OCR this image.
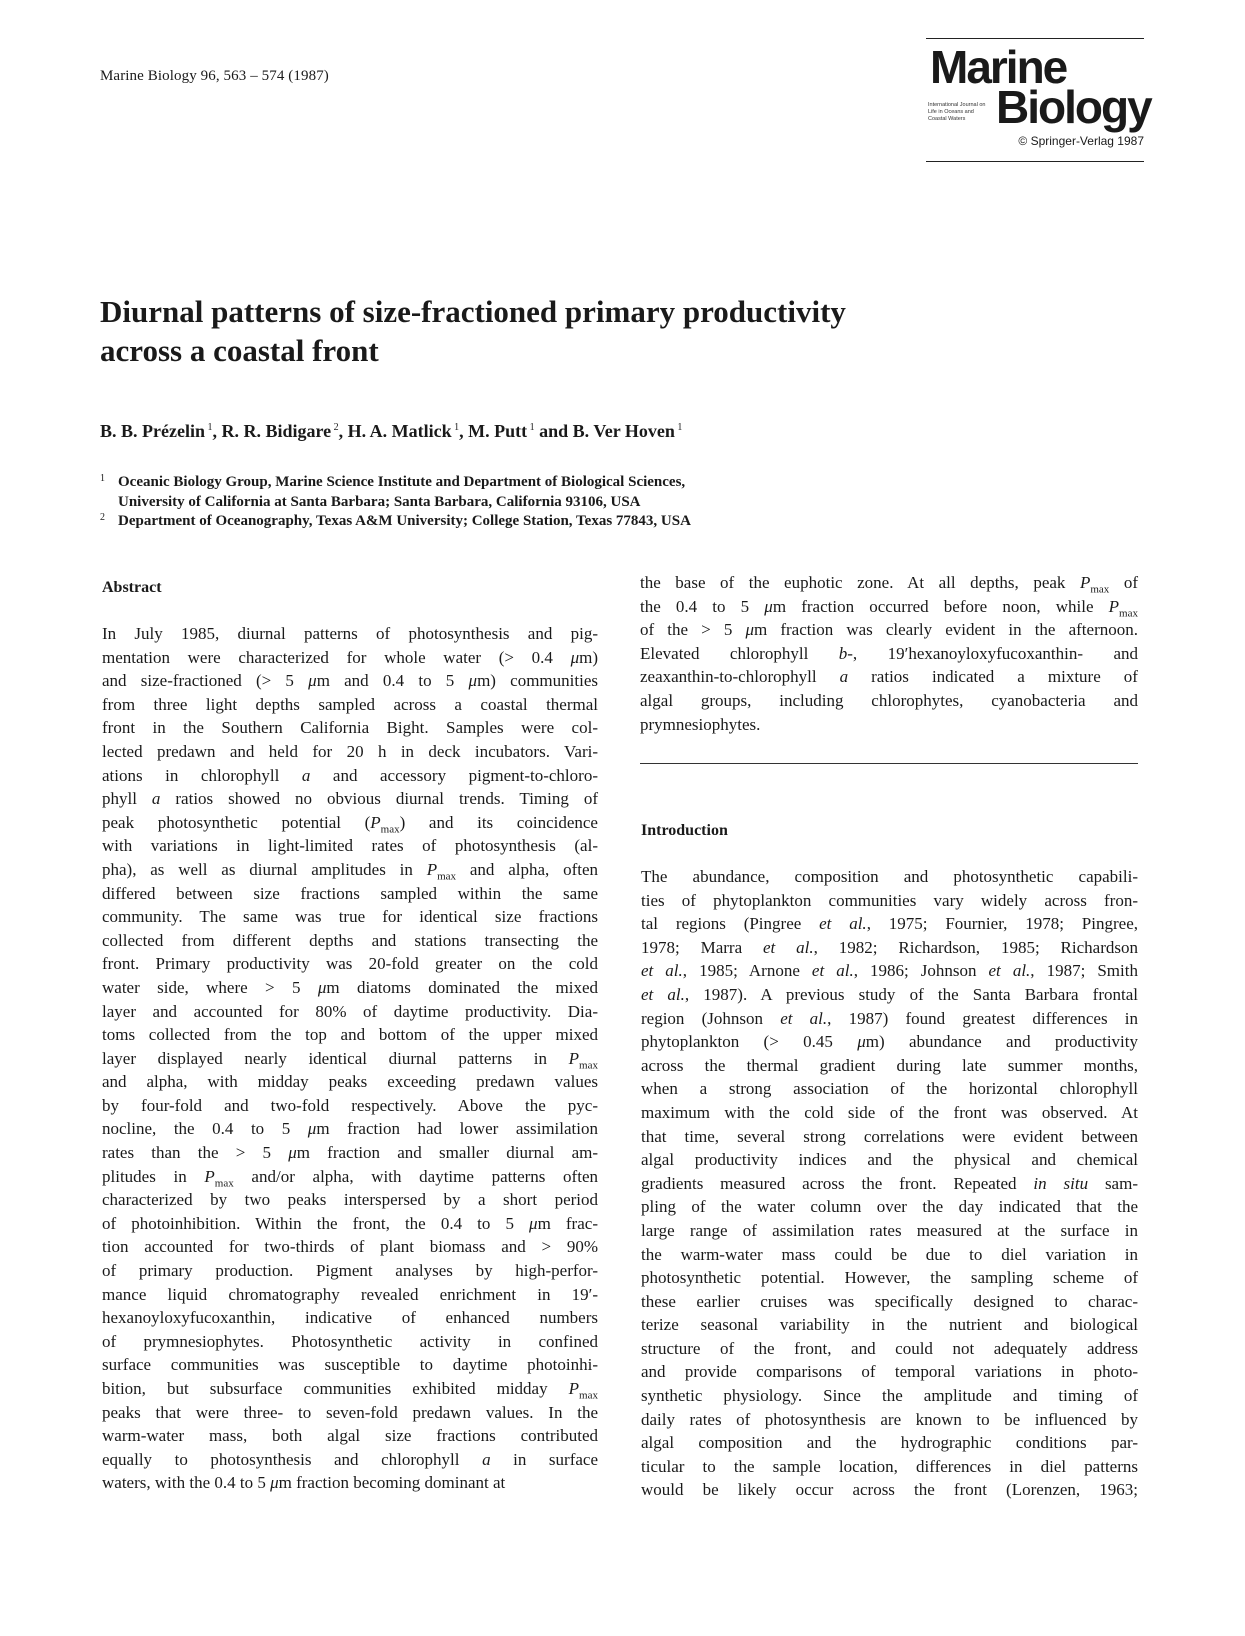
Marine Biology 96, 563 – 574 (1987)	Marine
International Journal on Life in Oceans and Coastal Waters Biology
© Springer-Verlag 1987
Diurnal patterns of size-fractioned primary productivity
across a coastal front
B. B. Prézelin $^1$, R. R. Bidigare $^2$, H. A. Matlick $^1$, M. Putt $^1$ and B. Ver Hoven $^1$
1 Oceanic Biology Group, Marine Science Institute and Department of Biological Sciences,
University of California at Santa Barbara; Santa Barbara, California 93106, USA
2 Department of Oceanography, Texas A&M University; College Station, Texas 77843, USA
Abstract
In July 1985, diurnal patterns of photosynthesis and pig-
mentation were characterized for whole water (> 0.4 μm)
and size-fractioned (> 5 μm and 0.4 to 5 μm) communities
from three light depths sampled across a coastal thermal
front in the Southern California Bight. Samples were col-
lected predawn and held for 20 h in deck incubators. Vari-
ations in chlorophyll a and accessory pigment-to-chloro-
phyll a ratios showed no obvious diurnal trends. Timing of
peak photosynthetic potential $(P_{max})$ and its coincidence
with variations in light-limited rates of photosynthesis (al-
pha), as well as diurnal amplitudes in $P_{max}$ and alpha, often
differed between size fractions sampled within the same
community. The same was true for identical size fractions
collected from different depths and stations transecting the
front. Primary productivity was 20-fold greater on the cold
water side, where > 5 μm diatoms dominated the mixed
layer and accounted for 80% of daytime productivity. Dia-
toms collected from the top and bottom of the upper mixed
layer displayed nearly identical diurnal patterns in $P_{max}$
and alpha, with midday peaks exceeding predawn values
by four-fold and two-fold respectively. Above the pyc-
nocline, the 0.4 to 5 μm fraction had lower assimilation
rates than the > 5 μm fraction and smaller diurnal am-
plitudes in $P_{max}$ and/or alpha, with daytime patterns often
characterized by two peaks interspersed by a short period
of photoinhibition. Within the front, the 0.4 to 5 μm frac-
tion accounted for two-thirds of plant biomass and > 90%
of primary production. Pigment analyses by high-perfor-
mance liquid chromatography revealed enrichment in 19′-
hexanoyloxyfucoxanthin, indicative of enhanced numbers
of prymnesiophytes. Photosynthetic activity in confined
surface communities was susceptible to daytime photoinhi-
bition, but subsurface communities exhibited midday $P_{max}$
peaks that were three- to seven-fold predawn values. In the
warm-water mass, both algal size fractions contributed
equally to photosynthesis and chlorophyll a in surface
waters, with the 0.4 to 5 μm fraction becoming dominant at
the base of the euphotic zone. At all depths, peak $P_{max}$ of
the 0.4 to 5 μm fraction occurred before noon, while $P_{max}$
of the > 5 μm fraction was clearly evident in the afternoon.
Elevated chlorophyll b-, 19′hexanoyloxyfucoxanthin- and
zeaxanthin-to-chlorophyll a ratios indicated a mixture of
algal groups, including chlorophytes, cyanobacteria and
prymnesiophytes.
Introduction
The abundance, composition and photosynthetic capabili-
ties of phytoplankton communities vary widely across fron-
tal regions (Pingree et al., 1975; Fournier, 1978; Pingree,
1978; Marra et al., 1982; Richardson, 1985; Richardson
et al., 1985; Arnone et al., 1986; Johnson et al., 1987; Smith
et al., 1987). A previous study of the Santa Barbara frontal
region (Johnson et al., 1987) found greatest differences in
phytoplankton (> 0.45 μm) abundance and productivity
across the thermal gradient during late summer months,
when a strong association of the horizontal chlorophyll
maximum with the cold side of the front was observed. At
that time, several strong correlations were evident between
algal productivity indices and the physical and chemical
gradients measured across the front. Repeated in situ sam-
pling of the water column over the day indicated that the
large range of assimilation rates measured at the surface in
the warm-water mass could be due to diel variation in
photosynthetic potential. However, the sampling scheme of
these earlier cruises was specifically designed to charac-
terize seasonal variability in the nutrient and biological
structure of the front, and could not adequately address
and provide comparisons of temporal variations in photo-
synthetic physiology. Since the amplitude and timing of
daily rates of photosynthesis are known to be influenced by
algal composition and the hydrographic conditions par-
ticular to the sample location, differences in diel patterns
would be likely occur across the front (Lorenzen, 1963;
